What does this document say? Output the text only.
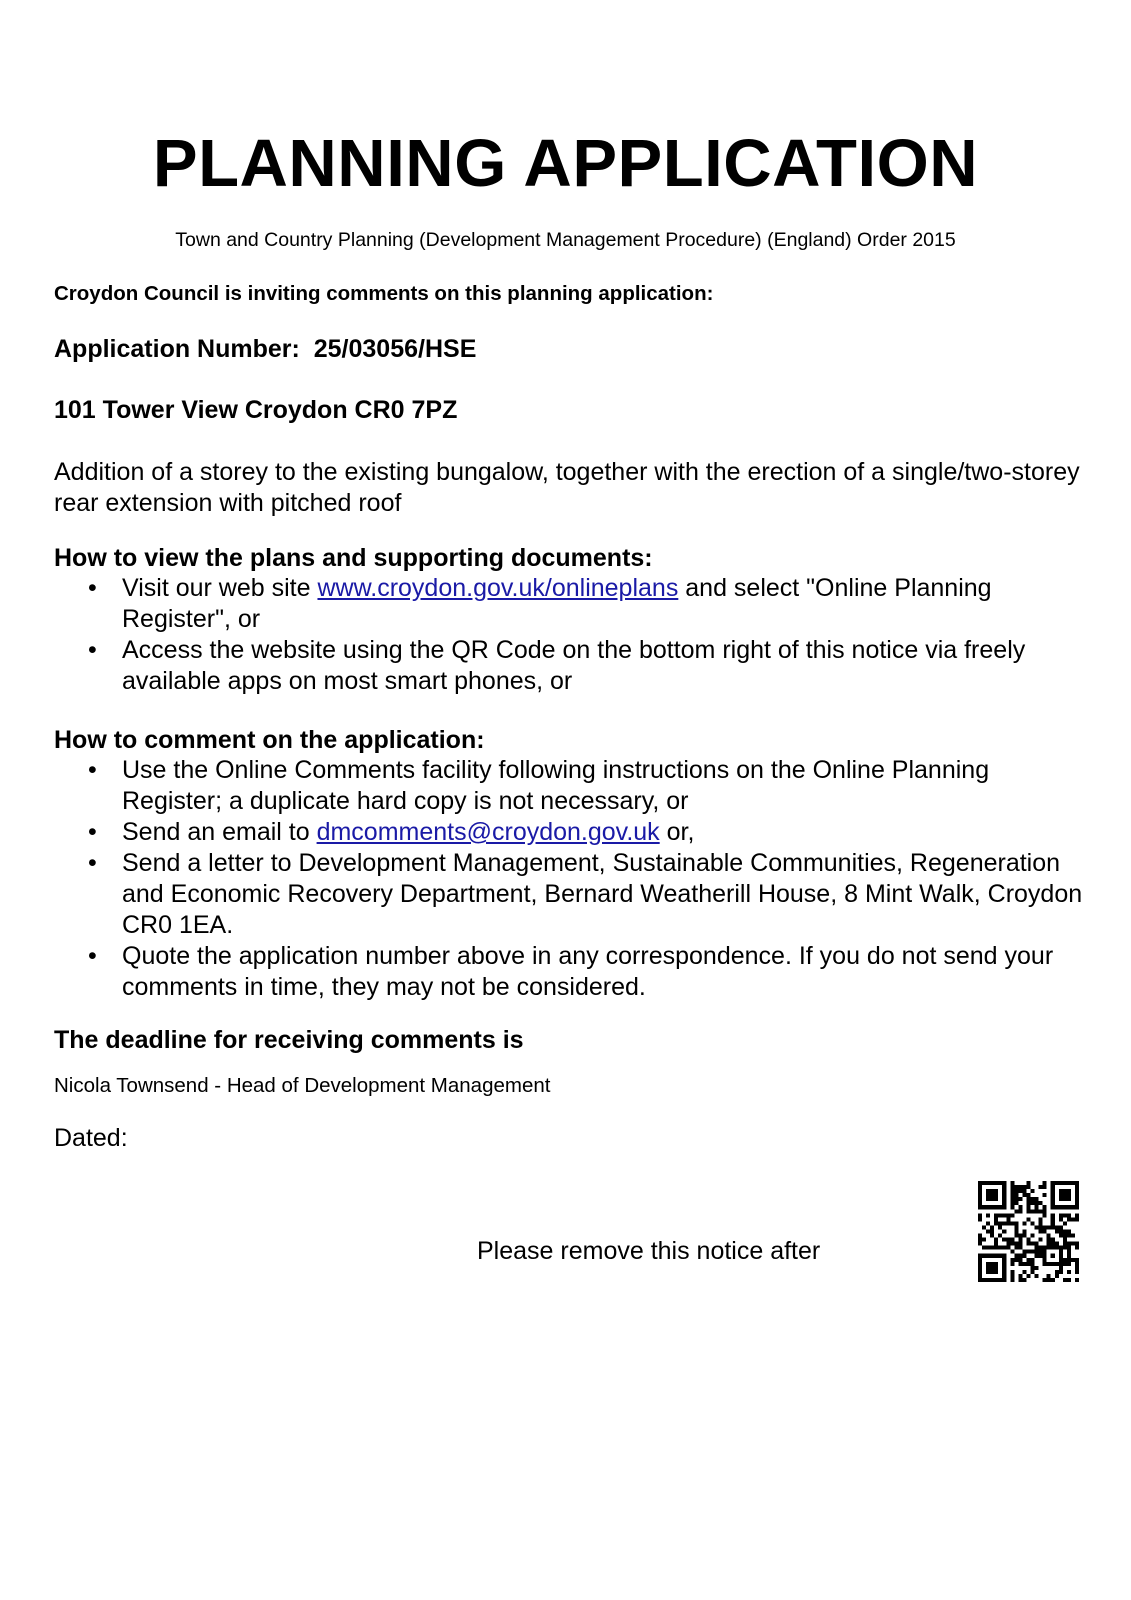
PLANNING APPLICATION
Town and Country Planning (Development Management Procedure) (England) Order 2015
Croydon Council is inviting comments on this planning application:
Application Number: 25/03056/HSE
101 Tower View Croydon CR0 7PZ
Addition of a storey to the existing bungalow, together with the erection of a single/two-storey rear extension with pitched roof
How to view the plans and supporting documents:
• Visit our web site www.croydon.gov.uk/onlineplans and select "Online Planning Register", or
• Access the website using the QR Code on the bottom right of this notice via freely available apps on most smart phones, or
How to comment on the application:
• Use the Online Comments facility following instructions on the Online Planning Register; a duplicate hard copy is not necessary, or
• Send an email to dmcomments@croydon.gov.uk or,
• Send a letter to Development Management, Sustainable Communities, Regeneration and Economic Recovery Department, Bernard Weatherill House, 8 Mint Walk, Croydon CR0 1EA.
• Quote the application number above in any correspondence. If you do not send your comments in time, they may not be considered.
The deadline for receiving comments is
Nicola Townsend - Head of Development Management
Dated:
Please remove this notice after
